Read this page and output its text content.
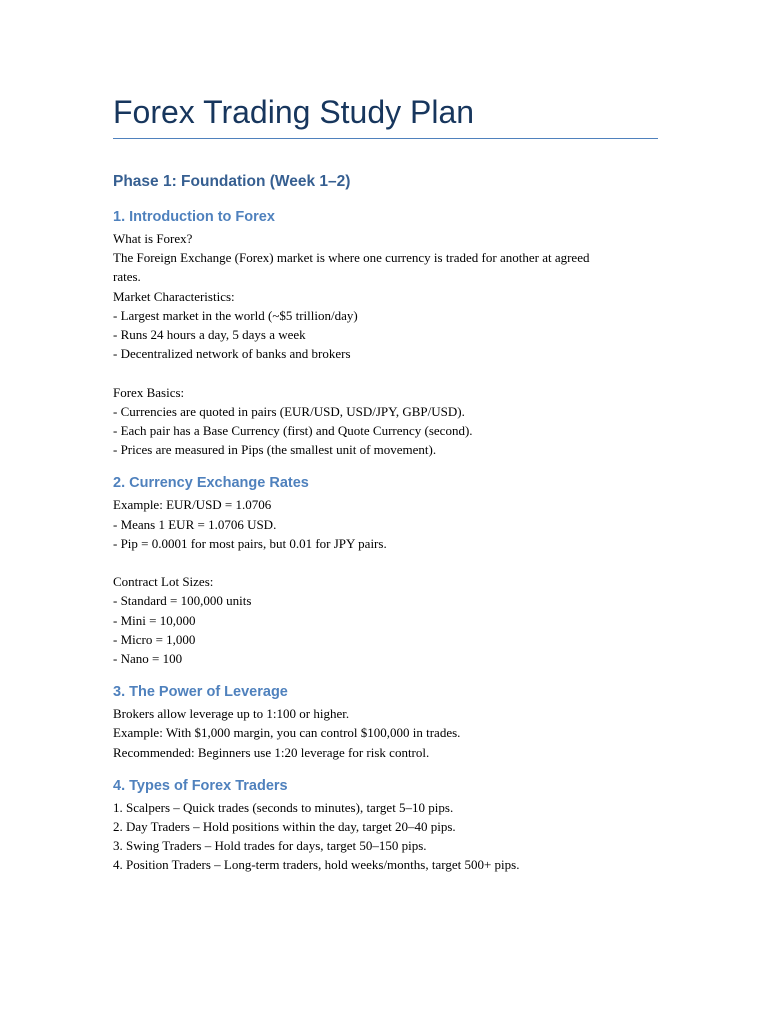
Forex Trading Study Plan
Phase 1: Foundation (Week 1–2)
1. Introduction to Forex

What is Forex?

The Foreign Exchange (Forex) market is where one currency is traded for another at agreed

rates.

Market Characteristics:

- Largest market in the world (~$5 trillion/day)

- Runs 24 hours a day, 5 days a week

- Decentralized network of banks and brokers

Forex Basics:

- Currencies are quoted in pairs (EUR/USD, USD/JPY, GBP/USD).

- Each pair has a Base Currency (first) and Quote Currency (second).

- Prices are measured in Pips (the smallest unit of movement).

2. Currency Exchange Rates

Example: EUR/USD = 1.0706

- Means 1 EUR = 1.0706 USD.

- Pip = 0.0001 for most pairs, but 0.01 for JPY pairs.

Contract Lot Sizes:

- Standard = 100,000 units

- Mini = 10,000

- Micro = 1,000

- Nano = 100

3. The Power of Leverage

Brokers allow leverage up to 1:100 or higher.

Example: With $1,000 margin, you can control $100,000 in trades.

Recommended: Beginners use 1:20 leverage for risk control.

4. Types of Forex Traders

1. Scalpers – Quick trades (seconds to minutes), target 5–10 pips.

2. Day Traders – Hold positions within the day, target 20–40 pips.

3. Swing Traders – Hold trades for days, target 50–150 pips.

4. Position Traders – Long-term traders, hold weeks/months, target 500+ pips.
